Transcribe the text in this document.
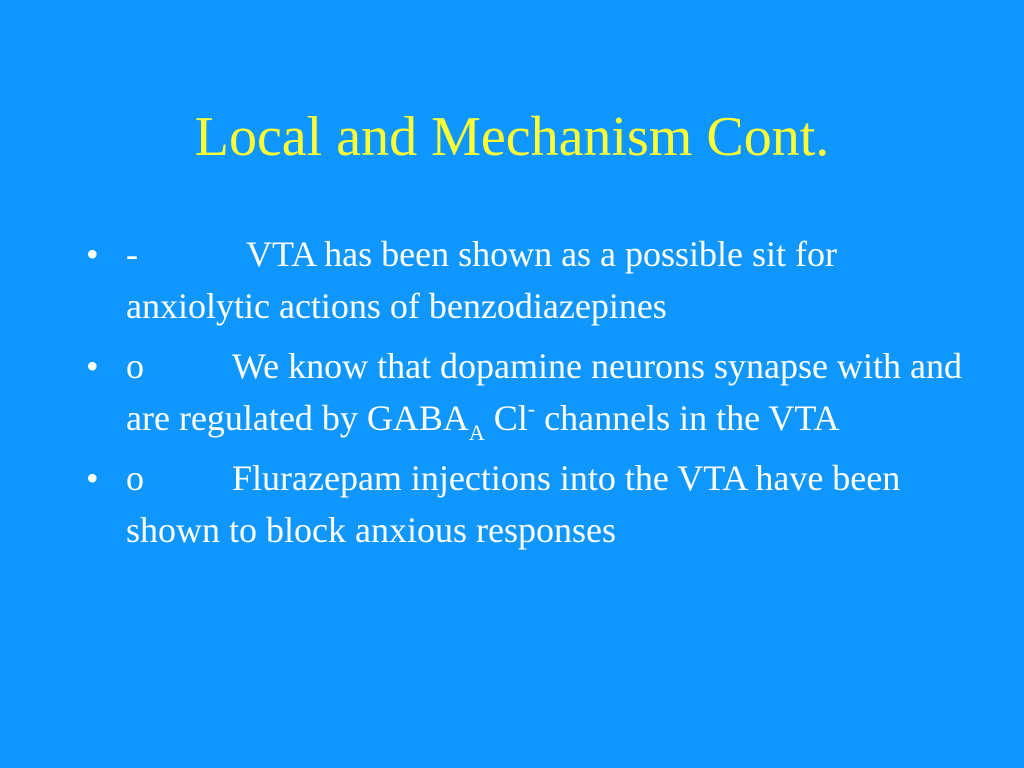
Local and Mechanism Cont.
• -	VTA has been shown as a possible sit for anxiolytic actions of benzodiazepines
• o We know that dopamine neurons synapse with and are regulated by $GABA_A$ Cl- channels in the VTA
• o Flurazepam injections into the VTA have been shown to block anxious responses
